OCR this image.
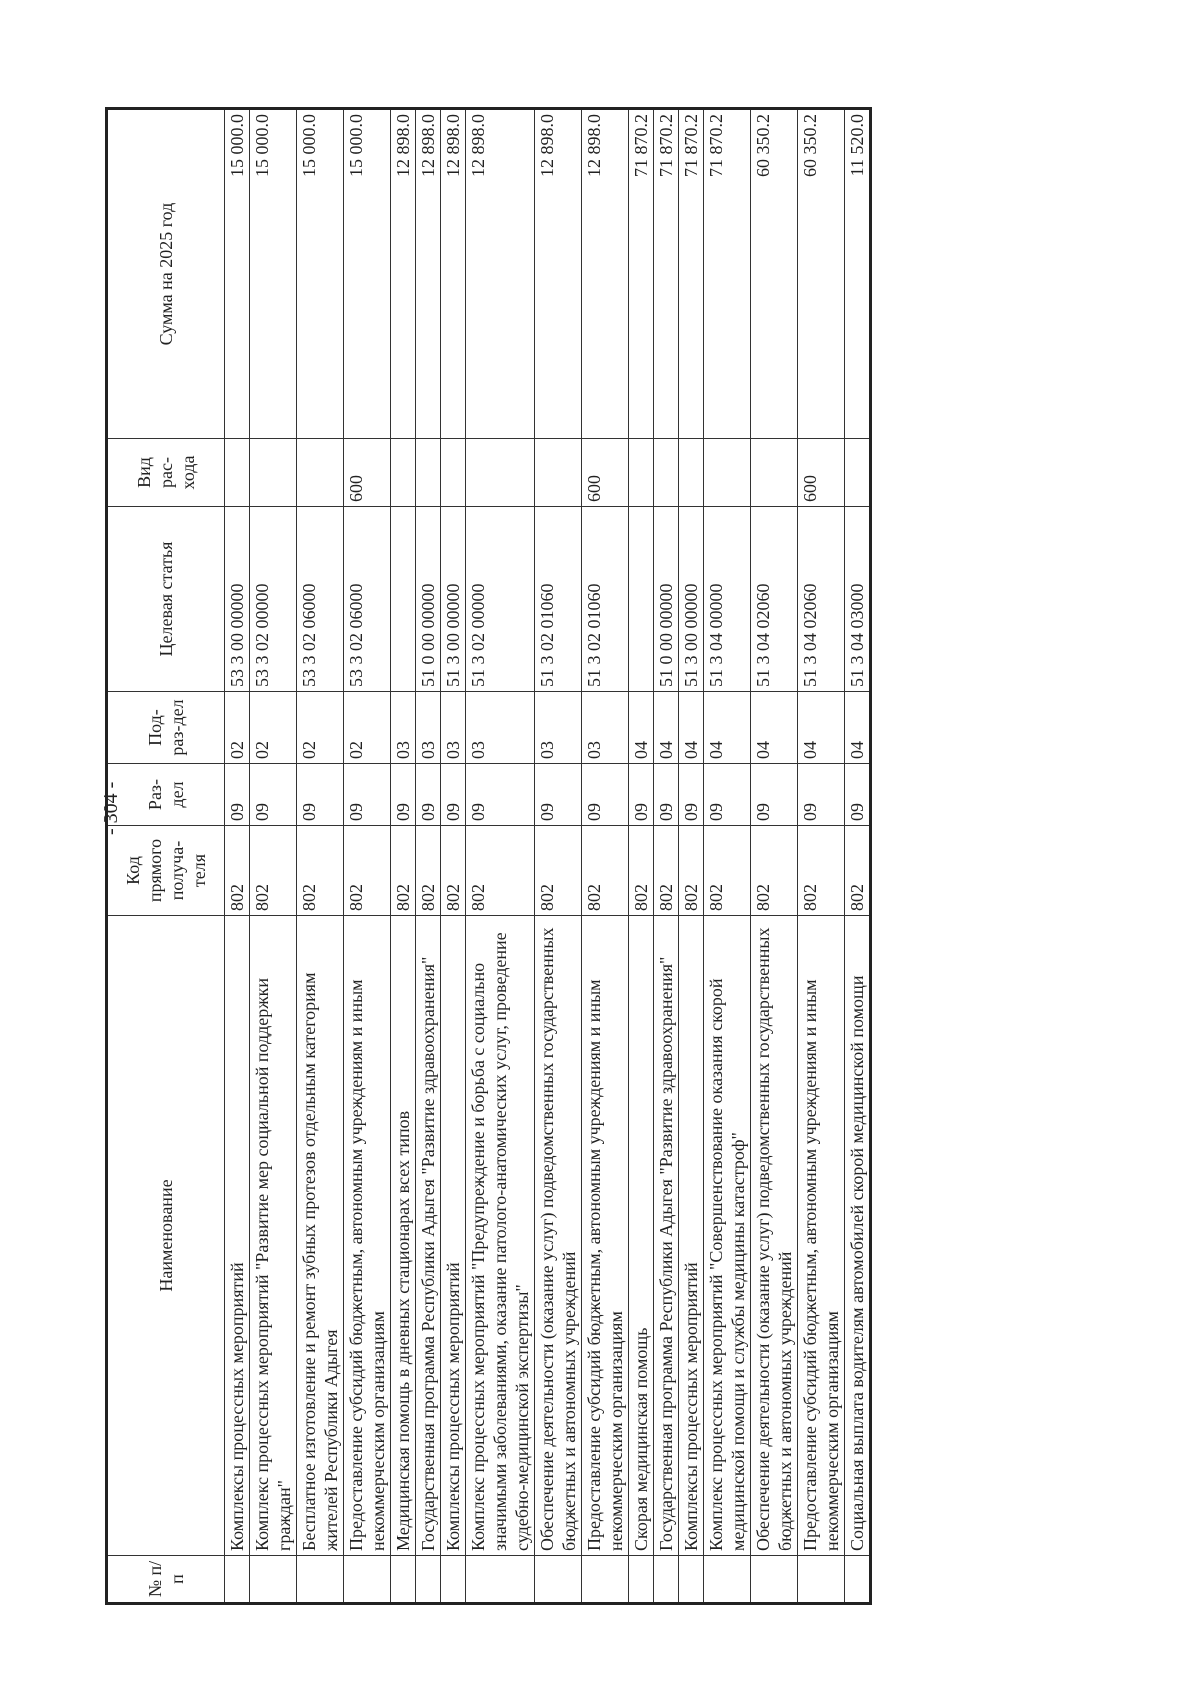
- 304 -
№ п/п	Наименование	Код прямого получа-теля	Раз-дел	Под-раз-дел	Целевая статья	Вид рас-хода	Сумма на 2025 год
	Комплексы процессных мероприятий	802	09	02	53 3 00 00000		15 000.0
	Комплекс процессных мероприятий "Развитие мер социальной поддержки граждан"	802	09	02	53 3 02 00000		15 000.0
	Бесплатное изготовление и ремонт зубных протезов отдельным категориям жителей Республики Адыгея	802	09	02	53 3 02 06000		15 000.0
	Предоставление субсидий бюджетным, автономным учреждениям и иным некоммерческим организациям	802	09	02	53 3 02 06000	600	15 000.0
	Медицинская помощь в дневных стационарах всех типов	802	09	03			12 898.0
	Государственная программа Республики Адыгея "Развитие здравоохранения"	802	09	03	51 0 00 00000		12 898.0
	Комплексы процессных мероприятий	802	09	03	51 3 00 00000		12 898.0
	Комплекс процессных мероприятий "Предупреждение и борьба с социально значимыми заболеваниями, оказание патолого-анатомических услуг, проведение судебно-медицинской экспертизы"	802	09	03	51 3 02 00000		12 898.0
	Обеспечение деятельности (оказание услуг) подведомственных государственных бюджетных и автономных учреждений	802	09	03	51 3 02 01060		12 898.0
	Предоставление субсидий бюджетным, автономным учреждениям и иным некоммерческим организациям	802	09	03	51 3 02 01060	600	12 898.0
	Скорая медицинская помощь	802	09	04			71 870.2
	Государственная программа Республики Адыгея "Развитие здравоохранения"	802	09	04	51 0 00 00000		71 870.2
	Комплексы процессных мероприятий	802	09	04	51 3 00 00000		71 870.2
	Комплекс процессных мероприятий "Совершенствование оказания скорой медицинской помощи и службы медицины катастроф"	802	09	04	51 3 04 00000		71 870.2
	Обеспечение деятельности (оказание услуг) подведомственных государственных бюджетных и автономных учреждений	802	09	04	51 3 04 02060		60 350.2
	Предоставление субсидий бюджетным, автономным учреждениям и иным некоммерческим организациям	802	09	04	51 3 04 02060	600	60 350.2
	Социальная выплата водителям автомобилей скорой медицинской помощи	802	09	04	51 3 04 03000		11 520.0
